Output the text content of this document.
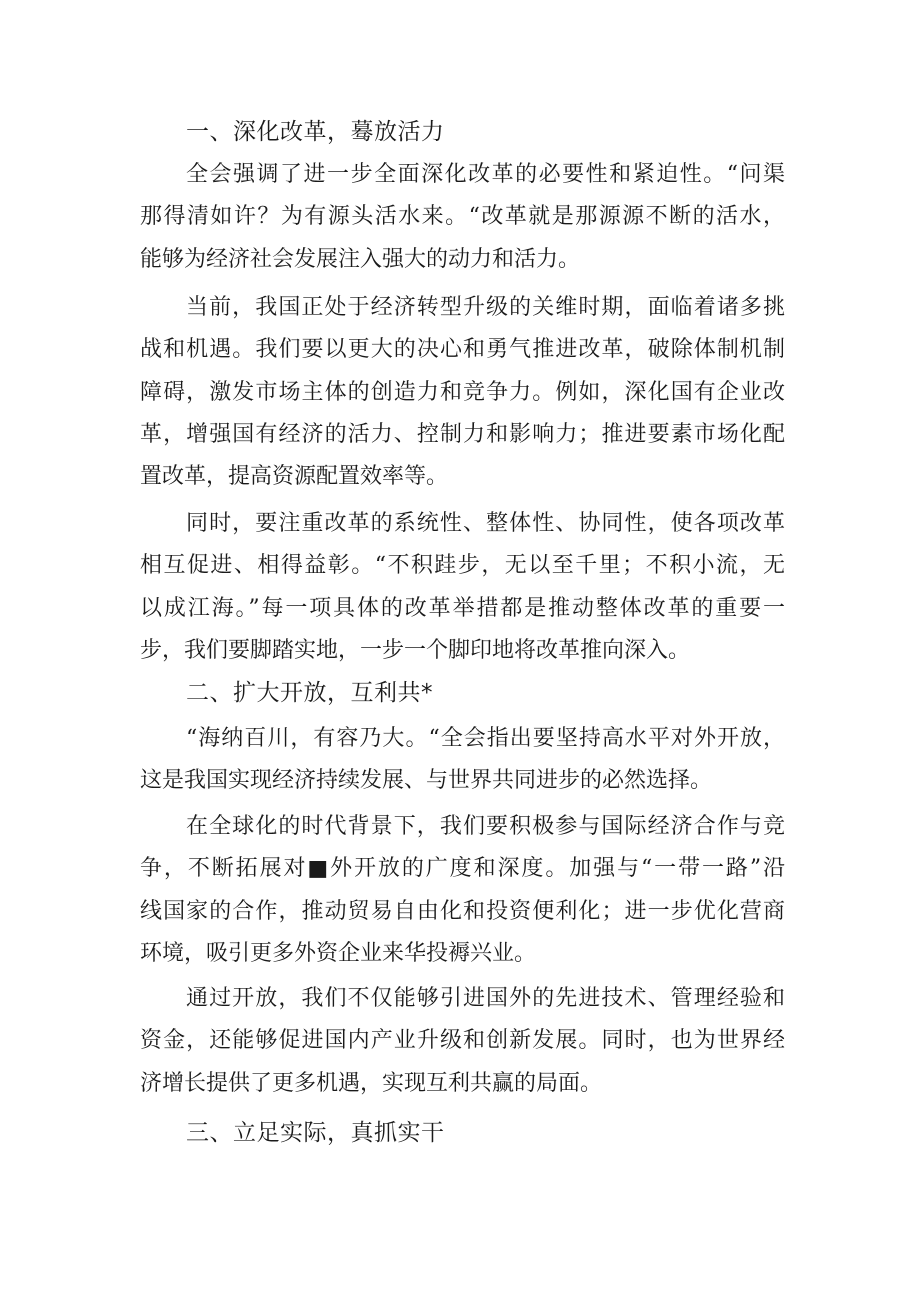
一、深化改革，蓦放活力
全会强调了进一步全面深化改革的必要性和紧迫性。“问渠
那得清如许？为有源头活水来。“改革就是那源源不断的活水，
能够为经济社会发展注入强大的动力和活力。
当前，我国正处于经济转型升级的关维时期，面临着诸多挑
战和机遇。我们要以更大的决心和勇气推进改革，破除体制机制
障碍，激发市场主体的创造力和竞争力。例如，深化国有企业改
革，增强国有经济的活力、控制力和影响力；推进要素市场化配
置改革，提高资源配置效率等。
同时，要注重改革的系统性、整体性、协同性，使各项改革
相互促进、相得益彰。“不积跬步，无以至千里；不积小流，无
以成江海。”每一项具体的改革举措都是推动整体改革的重要一
步，我们要脚踏实地，一步一个脚印地将改革推向深入。
二、扩大开放，互利共*
“海纳百川，有容乃大。“全会指出要坚持高水平对外开放，
这是我国实现经济持续发展、与世界共同进步的必然选择。
在全球化的时代背景下，我们要积极参与国际经济合作与竞
争，不断拓展对■外开放的广度和深度。加强与“一带一路”沿
线国家的合作，推动贸易自由化和投资便利化；进一步优化营商
环境，吸引更多外资企业来华投褥兴业。
通过开放，我们不仅能够引进国外的先进技术、管理经验和
资金，还能够促进国内产业升级和创新发展。同时，也为世界经
济增长提供了更多机遇，实现互利共赢的局面。
三、立足实际，真抓实干
